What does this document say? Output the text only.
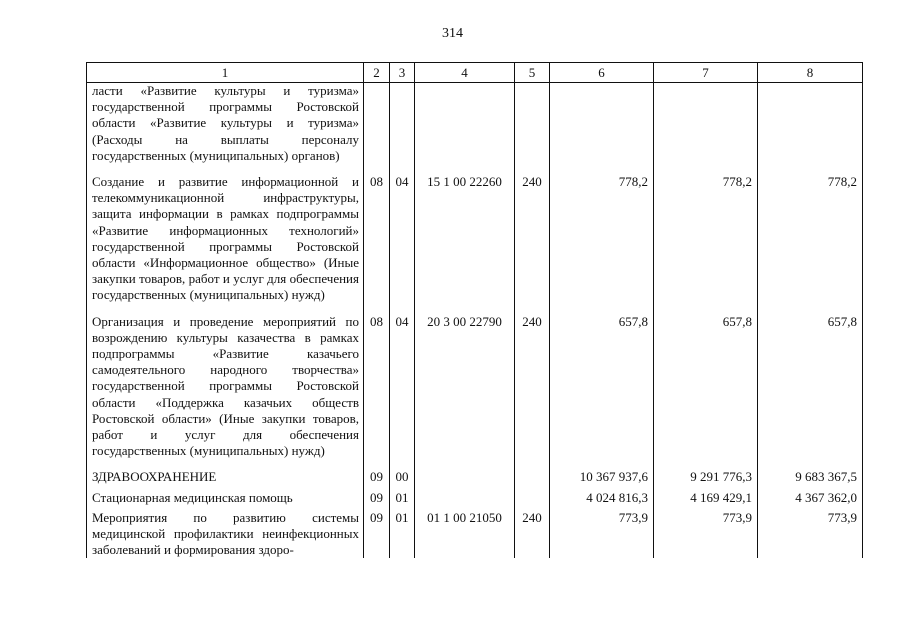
314
1	2	3	4	5	6	7	8
ласти «Развитие культуры и туризма» государственной программы Ростовской области «Развитие культуры и туризма» (Расходы на выплаты персоналу государственных (муниципальных) органов)							
Создание и развитие информационной и телекоммуникационной инфраструктуры, защита информации в рамках подпрограммы «Развитие информационных технологий» государственной программы Ростовской области «Информационное общество» (Иные закупки товаров, работ и услуг для обеспечения государственных (муниципальных) нужд)	08	04	15 1 00 22260	240	778,2	778,2	778,2
Организация и проведение мероприятий по возрождению культуры казачества в рамках подпрограммы «Развитие казачьего самодеятельного народного творчества» государственной программы Ростовской области «Поддержка казачьих обществ Ростовской области» (Иные закупки товаров, работ и услуг для обеспечения государственных (муниципальных) нужд)	08	04	20 3 00 22790	240	657,8	657,8	657,8
ЗДРАВООХРАНЕНИЕ	09	00			10 367 937,6	9 291 776,3	9 683 367,5
Стационарная медицинская помощь	09	01			4 024 816,3	4 169 429,1	4 367 362,0
Мероприятия по развитию системы медицинской профилактики неинфекционных заболеваний и формирования здоро-	09	01	01 1 00 21050	240	773,9	773,9	773,9
